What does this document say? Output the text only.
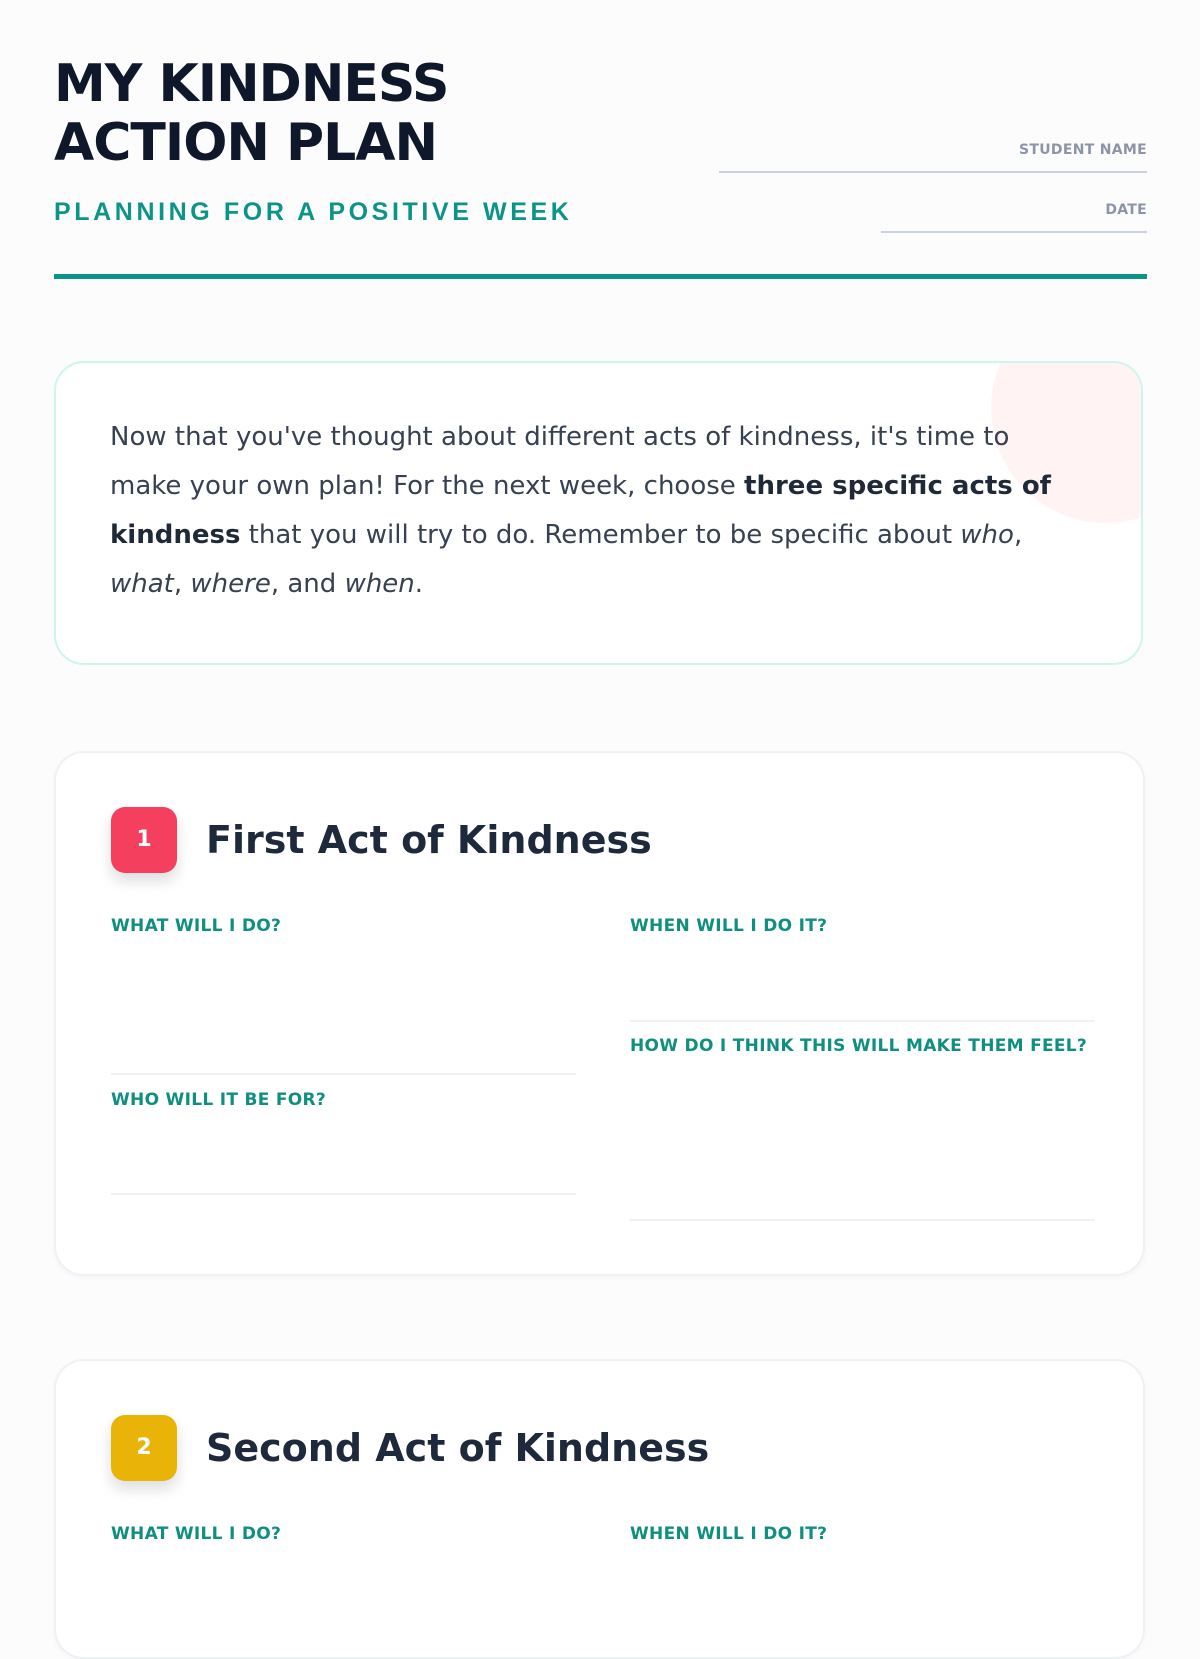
MY KINDNESS
ACTION PLAN
PLANNING FOR A POSITIVE WEEK
STUDENT NAME
DATE

Now that you've thought about different acts of kindness, it's time to make your own plan! For the next week, choose three specific acts of kindness that you will try to do. Remember to be specific about who, what, where, and when.

1	First Act of Kindness
WHAT WILL I DO?
WHO WILL IT BE FOR?
WHEN WILL I DO IT?
HOW DO I THINK THIS WILL MAKE THEM FEEL?
2	Second Act of Kindness
WHAT WILL I DO?	WHEN WILL I DO IT?
